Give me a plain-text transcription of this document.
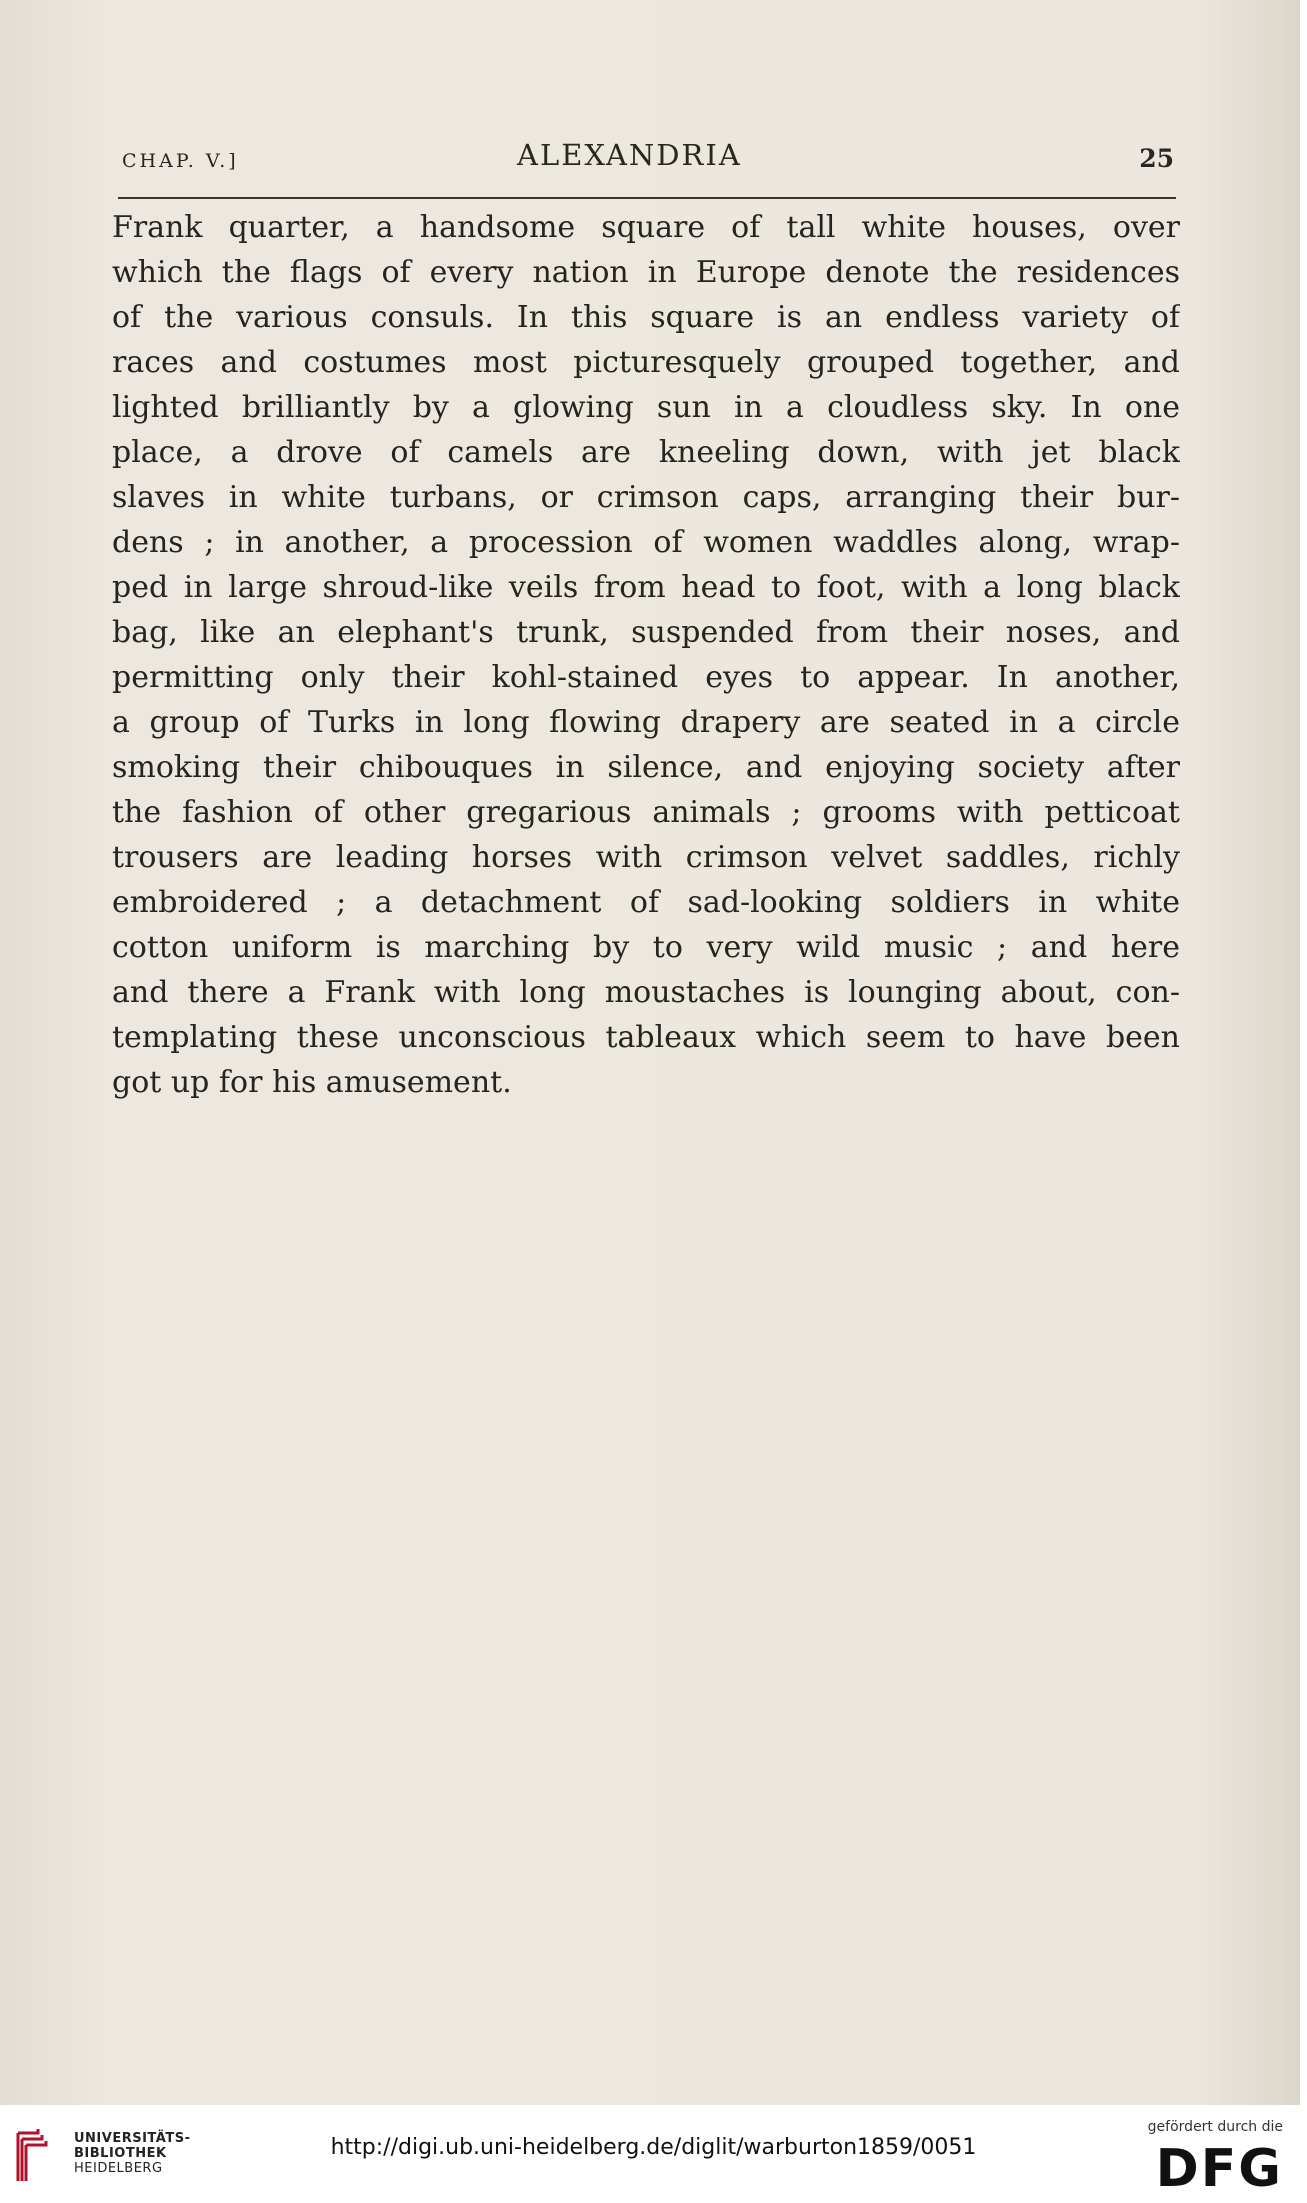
CHAP. V.]	ALEXANDRIA	25
Frank quarter, a handsome square of tall white houses, over
which the flags of every nation in Europe denote the residences
of the various consuls. In this square is an endless variety of
races and costumes most picturesquely grouped together, and
lighted brilliantly by a glowing sun in a cloudless sky. In one
place, a drove of camels are kneeling down, with jet black
slaves in white turbans, or crimson caps, arranging their bur-
dens ; in another, a procession of women waddles along, wrap-
ped in large shroud-like veils from head to foot, with a long black
bag, like an elephant's trunk, suspended from their noses, and
permitting only their kohl-stained eyes to appear. In another,
a group of Turks in long flowing drapery are seated in a circle
smoking their chibouques in silence, and enjoying society after
the fashion of other gregarious animals ; grooms with petticoat
trousers are leading horses with crimson velvet saddles, richly
embroidered ; a detachment of sad-looking soldiers in white
cotton uniform is marching by to very wild music ; and here
and there a Frank with long moustaches is lounging about, con-
templating these unconscious tableaux which seem to have been
got up for his amusement.
UNIVERSITÄTS-
BIBLIOTHEK
HEIDELBERG
http://digi.ub.uni-heidelberg.de/diglit/warburton1859/0051
gefördert durch die
DFG
